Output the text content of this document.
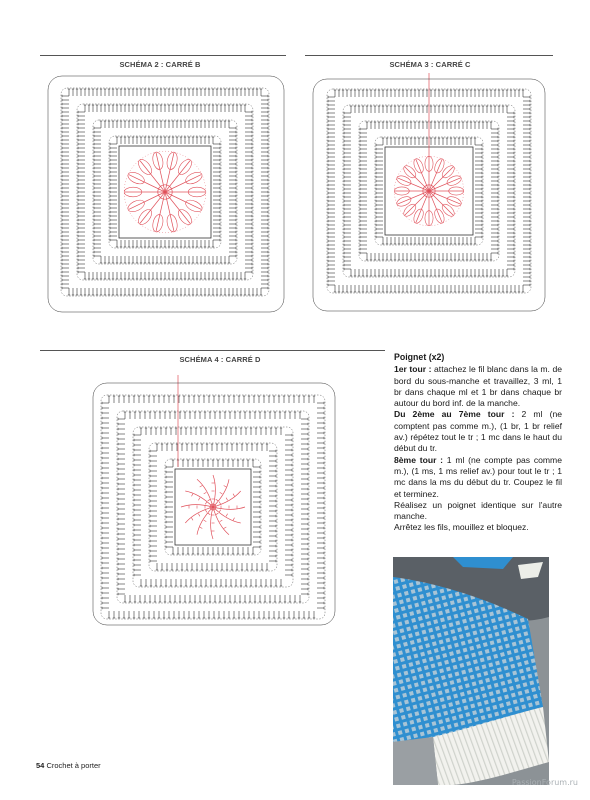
SCHÉMA 2 : CARRÉ B	SCHÉMA 3 : CARRÉ C
SCHÉMA 4 : CARRÉ D	Poignet (x2)

1er tour : attachez le fil blanc dans la m. de bord du sous-manche et travaillez, 3 ml, 1 br dans chaque ml et 1 br dans chaque br autour du bord inf. de la manche.

Du 2ème au 7ème tour : 2 ml (ne comptent pas comme m.), (1 br, 1 br relief av.) répétez tout le tr ; 1 mc dans le haut du début du tr.

8ème tour : 1 ml (ne compte pas comme m.), (1 ms, 1 ms relief av.) pour tout le tr ; 1 mc dans la ms du début du tr. Coupez le fil et terminez.

Réalisez un poignet identique sur l'autre manche.

Arrêtez les fils, mouillez et bloquez.

54 Crochet à porter
PassionForum.ru
